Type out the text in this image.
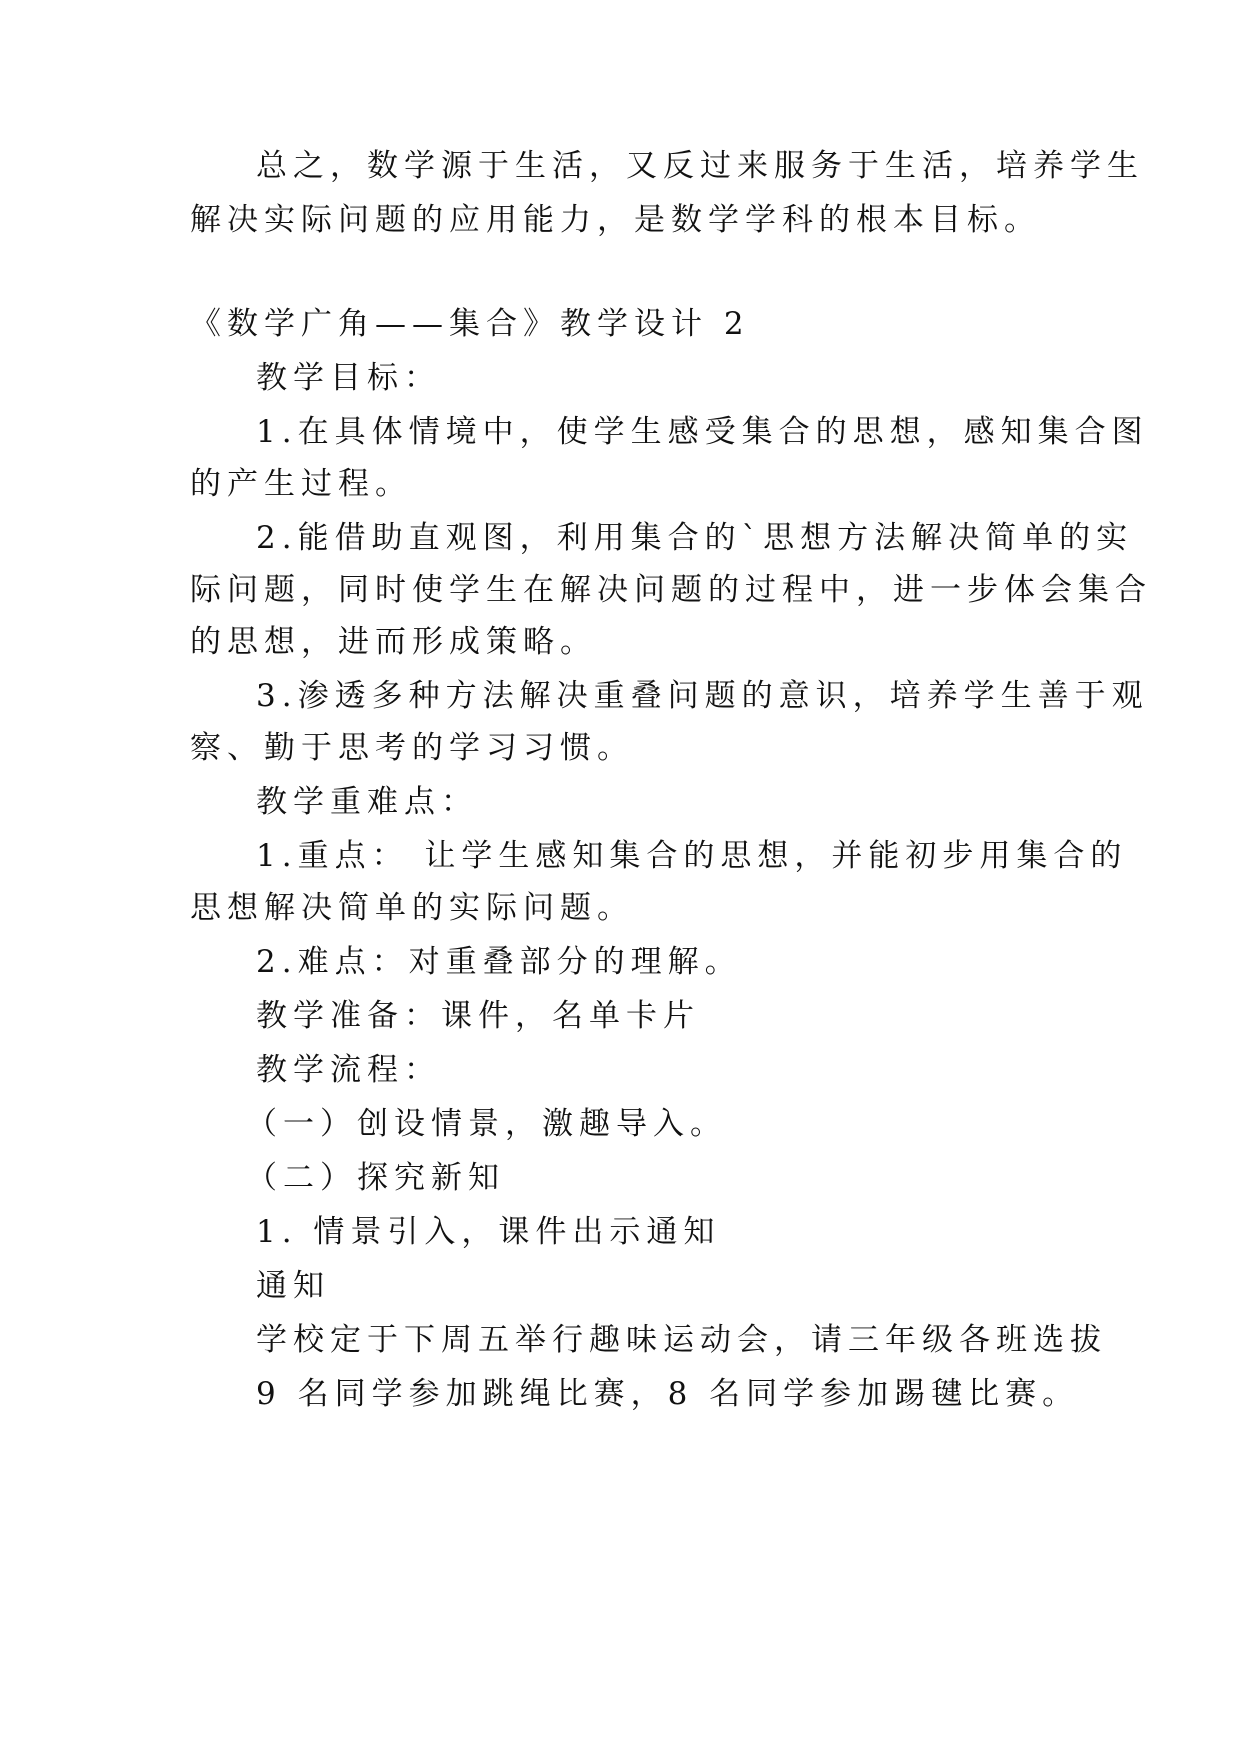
总之，数学源于生活，又反过来服务于生活，培养学生
解决实际问题的应用能力，是数学学科的根本目标。
《数学广角——集合》教学设计 2
教学目标：
1.在具体情境中，使学生感受集合的思想，感知集合图
的产生过程。
2.能借助直观图，利用集合的`思想方法解决简单的实
际问题，同时使学生在解决问题的过程中，进一步体会集合
的思想，进而形成策略。
3.渗透多种方法解决重叠问题的意识，培养学生善于观
察、勤于思考的学习习惯。
教学重难点：
1.重点： 让学生感知集合的思想，并能初步用集合的
思想解决简单的实际问题。
2.难点：对重叠部分的理解。
教学准备：课件，名单卡片
教学流程：
（一）创设情景，激趣导入。
（二）探究新知
1. 情景引入，课件出示通知
通知
学校定于下周五举行趣味运动会，请三年级各班选拔
9 名同学参加跳绳比赛，8 名同学参加踢毽比赛。
